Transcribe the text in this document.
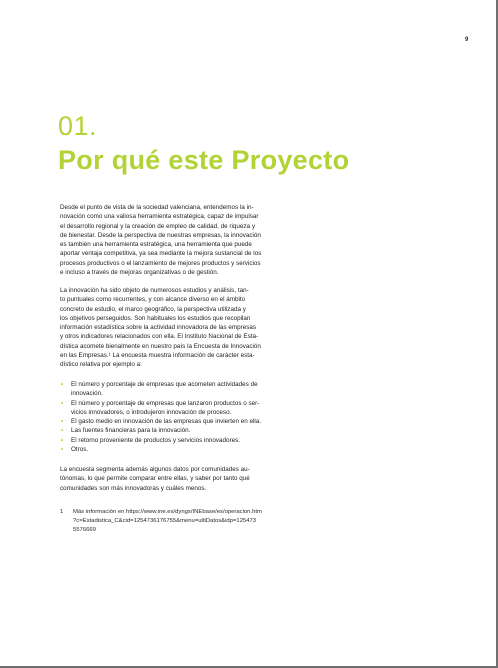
9
01.
Por qué este Proyecto
Desde el punto de vista de la sociedad valenciana, entendemos la in-
novación como una valiosa herramienta estratégica, capaz de impulsar
el desarrollo regional y la creación de empleo de calidad, de riqueza y
de bienestar. Desde la perspectiva de nuestras empresas, la innovación
es también una herramienta estratégica, una herramienta que puede
aportar ventaja competitiva, ya sea mediante la mejora sustancial de los
procesos productivos o el lanzamiento de mejores productos y servicios
e incluso a través de mejoras organizativas o de gestión.
La innovación ha sido objeto de numerosos estudios y análisis, tan-
to puntuales como recurrentes, y con alcance diverso en el ámbito
concreto de estudio, el marco geográfico, la perspectiva utilizada y
los objetivos perseguidos. Son habituales los estudios que recopilan
información estadística sobre la actividad innovadora de las empresas
y otros indicadores relacionados con ella. El Instituto Nacional de Esta-
dística acomete bienalmente en nuestro país la Encuesta de Innovación
en las Empresas.¹ La encuesta muestra información de carácter esta-
dístico relativa por ejemplo a:
• El número y porcentaje de empresas que acometen actividades de
innovación.
• El número y porcentaje de empresas que lanzaron productos o ser-
vicios innovadores, o introdujeron innovación de proceso.
• El gasto medio en innovación de las empresas que invierten en ella.
• Las fuentes financieras para la innovación.
• El retorno proveniente de productos y servicios innovadores.
• Otros.
La encuesta segmenta además algunos datos por comunidades au-
tónomas, lo que permite comparar entre ellas, y saber por tanto qué
comunidades son más innovadoras y cuáles menos.
1 Más información en https://www.ine.es/dyngs/INEbase/es/operacion.htm
?c=Estadistica_C&cid=1254736176755&menu=ultiDatos&idp=125473
5576669
